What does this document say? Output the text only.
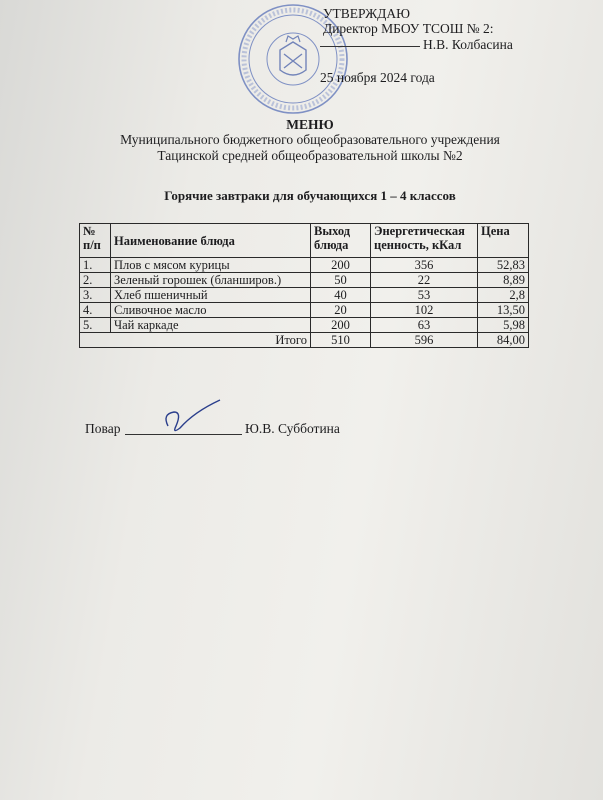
УТВЕРЖДАЮ
Директор МБОУ ТСОШ № 2:
Н.В. Колбасина
25 ноября 2024 года
МЕНЮ
Муниципального бюджетного общеобразовательного учреждения
Тацинской средней общеобразовательной школы №2
Горячие завтраки для обучающихся 1 – 4 классов
№ п/п	Наименование блюда	Выход блюда	Энергетическая ценность, кКал	Цена
1.	Плов с мясом курицы	200	356	52,83
2.	Зеленый горошек (бланширов.)	50	22	8,89
3.	Хлеб пшеничный	40	53	2,8
4.	Сливочное масло	20	102	13,50
5.	Чай каркаде	200	63	5,98
Итого		510	596	84,00
Повар	Ю.В. Субботина
